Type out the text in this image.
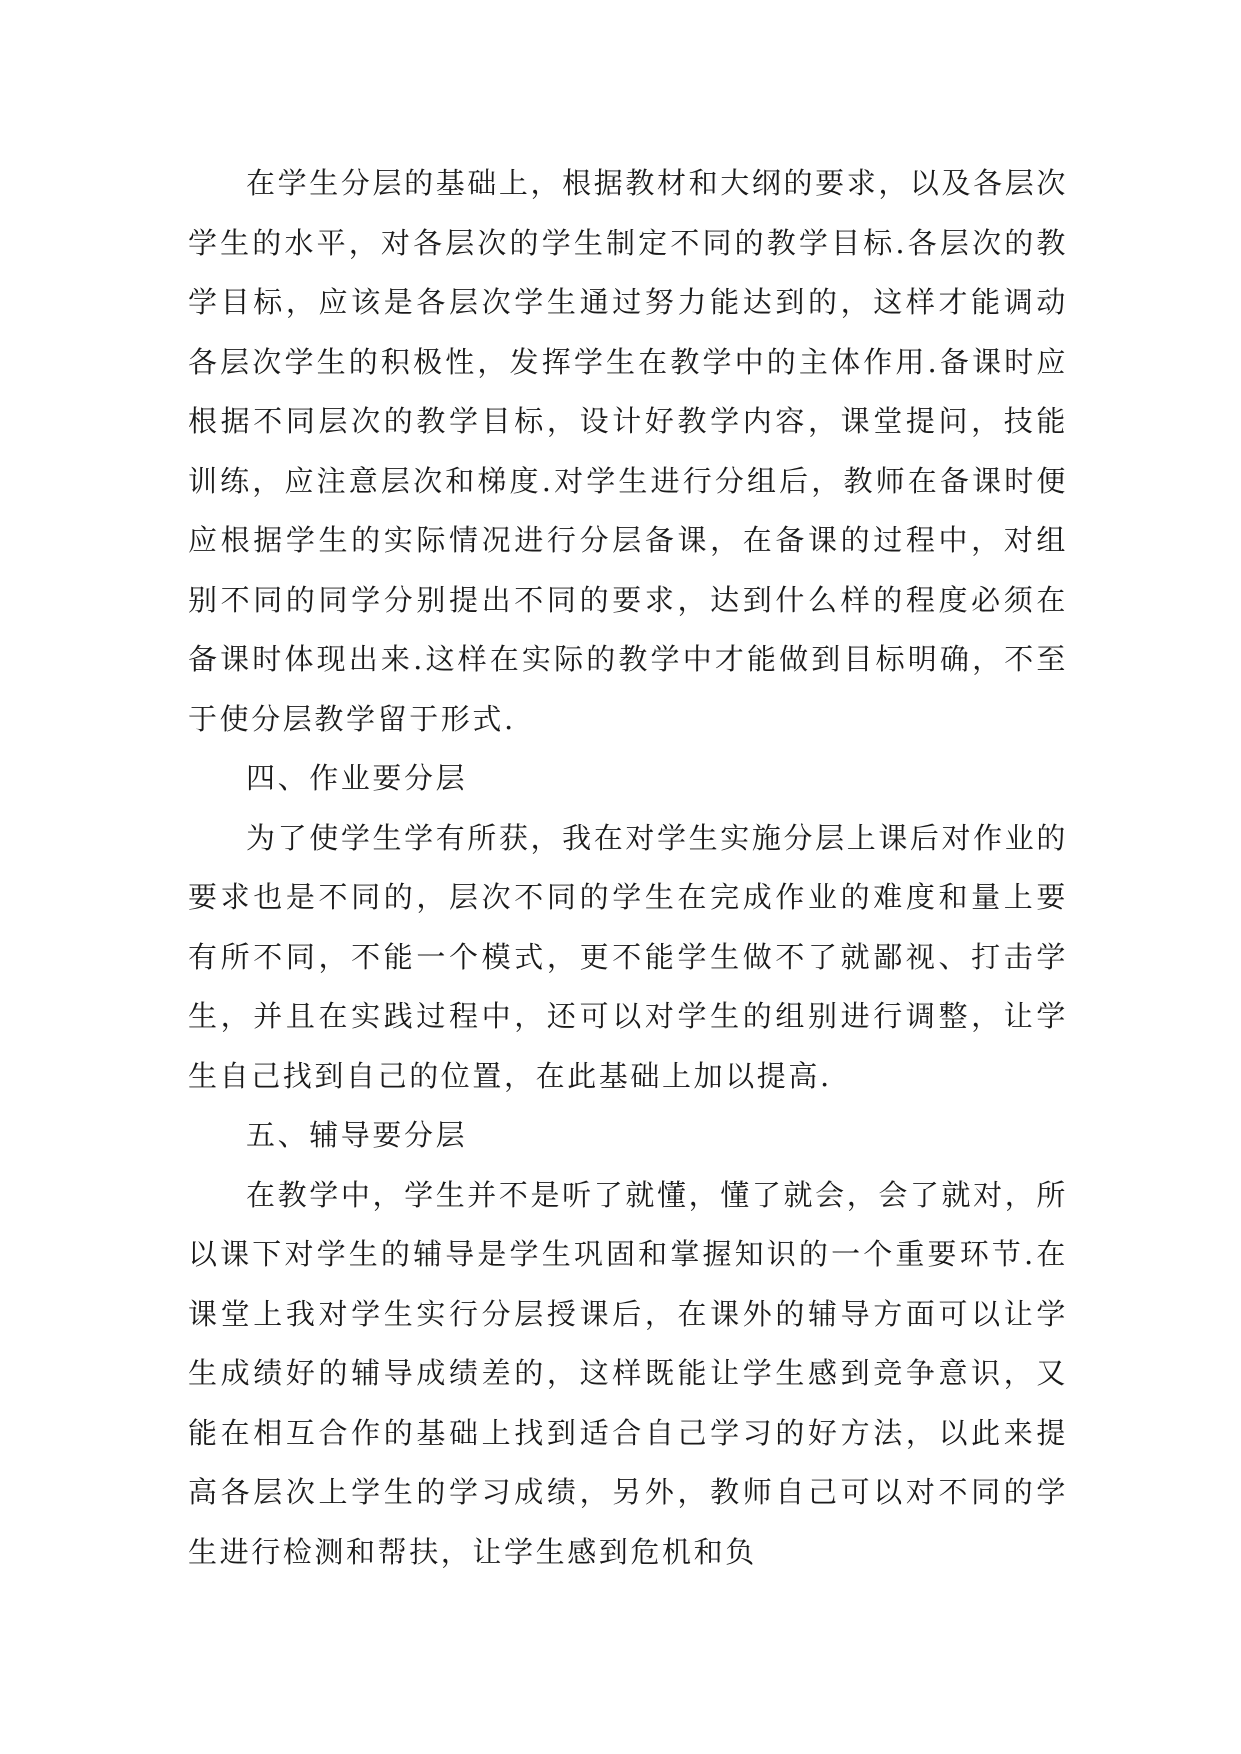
在学生分层的基础上，根据教材和大纲的要求，以及各层次学生的水平，对各层次的学生制定不同的教学目标.各层次的教学目标，应该是各层次学生通过努力能达到的，这样才能调动各层次学生的积极性，发挥学生在教学中的主体作用.备课时应根据不同层次的教学目标，设计好教学内容，课堂提问，技能训练，应注意层次和梯度.对学生进行分组后，教师在备课时便应根据学生的实际情况进行分层备课，在备课的过程中，对组别不同的同学分别提出不同的要求，达到什么样的程度必须在备课时体现出来.这样在实际的教学中才能做到目标明确，不至于使分层教学留于形式.

四、作业要分层

为了使学生学有所获，我在对学生实施分层上课后对作业的要求也是不同的，层次不同的学生在完成作业的难度和量上要有所不同，不能一个模式，更不能学生做不了就鄙视、打击学生，并且在实践过程中，还可以对学生的组别进行调整，让学生自己找到自己的位置，在此基础上加以提高.

五、辅导要分层

在教学中，学生并不是听了就懂，懂了就会，会了就对，所以课下对学生的辅导是学生巩固和掌握知识的一个重要环节.在课堂上我对学生实行分层授课后，在课外的辅导方面可以让学生成绩好的辅导成绩差的，这样既能让学生感到竞争意识，又能在相互合作的基础上找到适合自己学习的好方法，以此来提高各层次上学生的学习成绩，另外，教师自己可以对不同的学生进行检测和帮扶，让学生感到危机和负
